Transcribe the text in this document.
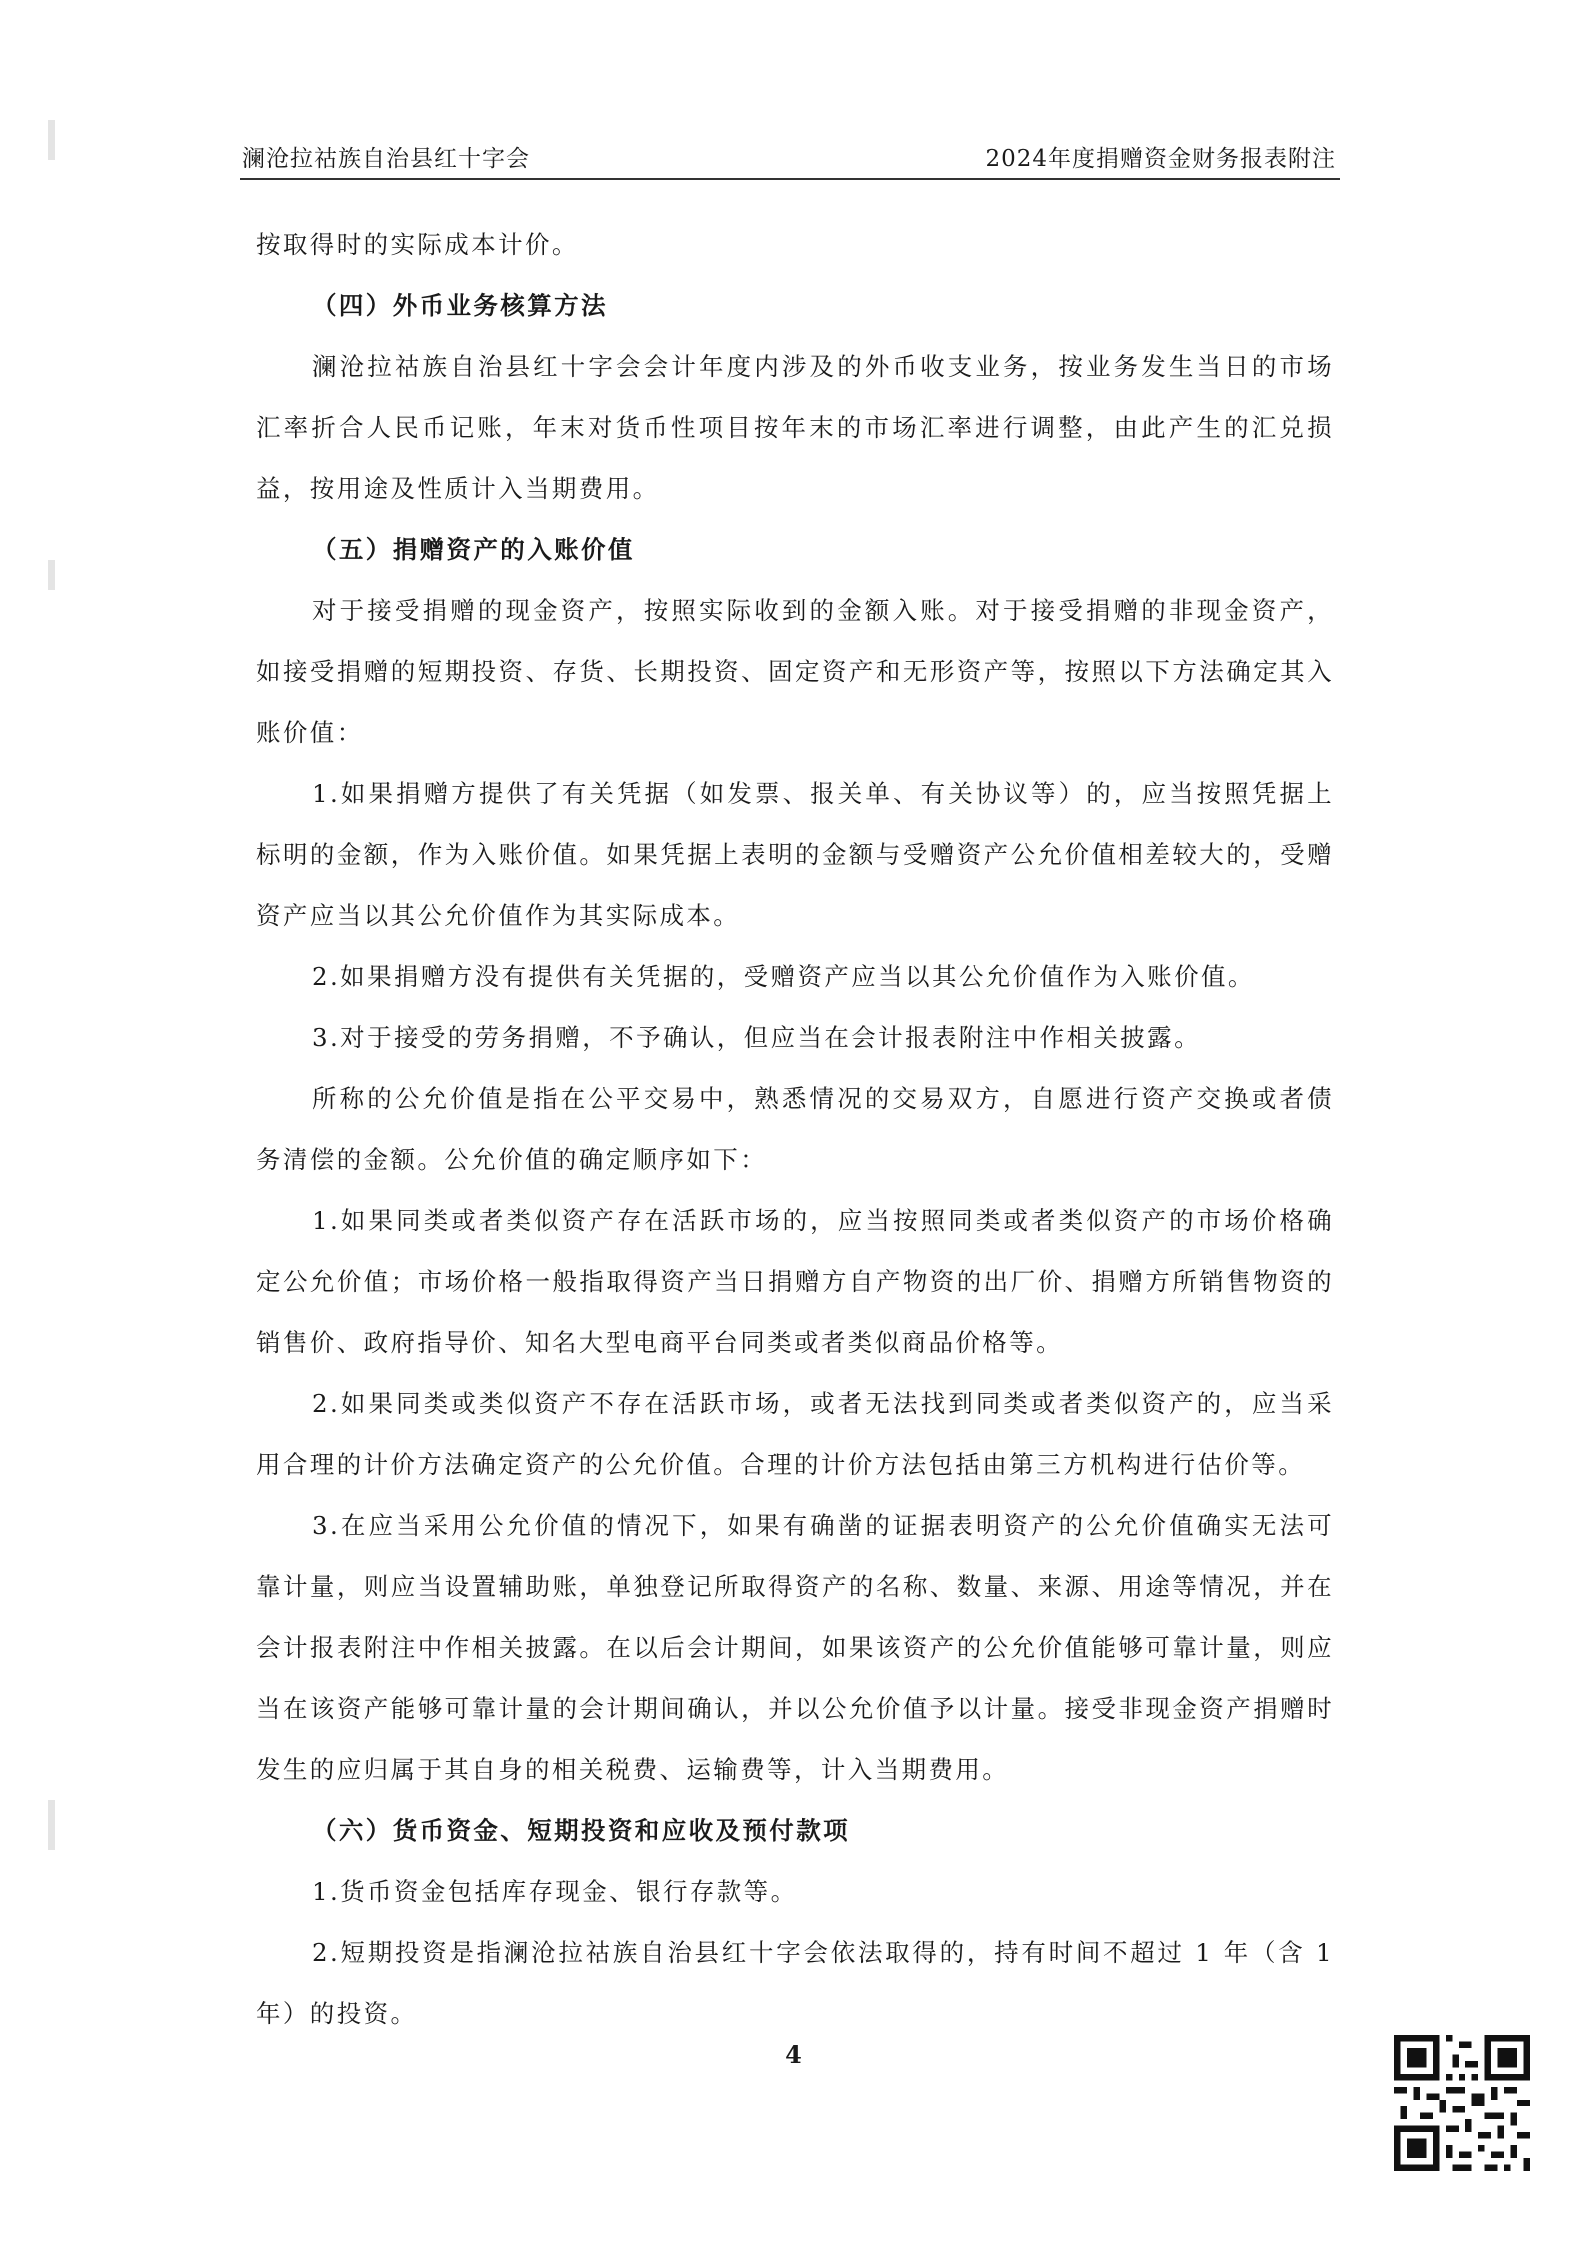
澜沧拉祜族自治县红十字会	2024年度捐赠资金财务报表附注

按取得时的实际成本计价。

（四）外币业务核算方法

澜沧拉祜族自治县红十字会会计年度内涉及的外币收支业务，按业务发生当日的市场汇率折合人民币记账，年末对货币性项目按年末的市场汇率进行调整，由此产生的汇兑损益，按用途及性质计入当期费用。

（五）捐赠资产的入账价值

对于接受捐赠的现金资产，按照实际收到的金额入账。对于接受捐赠的非现金资产，如接受捐赠的短期投资、存货、长期投资、固定资产和无形资产等，按照以下方法确定其入账价值：

1.如果捐赠方提供了有关凭据（如发票、报关单、有关协议等）的，应当按照凭据上标明的金额，作为入账价值。如果凭据上表明的金额与受赠资产公允价值相差较大的，受赠资产应当以其公允价值作为其实际成本。

2.如果捐赠方没有提供有关凭据的，受赠资产应当以其公允价值作为入账价值。

3.对于接受的劳务捐赠，不予确认，但应当在会计报表附注中作相关披露。

所称的公允价值是指在公平交易中，熟悉情况的交易双方，自愿进行资产交换或者债务清偿的金额。公允价值的确定顺序如下：

1.如果同类或者类似资产存在活跃市场的，应当按照同类或者类似资产的市场价格确定公允价值；市场价格一般指取得资产当日捐赠方自产物资的出厂价、捐赠方所销售物资的销售价、政府指导价、知名大型电商平台同类或者类似商品价格等。

2.如果同类或类似资产不存在活跃市场，或者无法找到同类或者类似资产的，应当采用合理的计价方法确定资产的公允价值。合理的计价方法包括由第三方机构进行估价等。

3.在应当采用公允价值的情况下，如果有确凿的证据表明资产的公允价值确实无法可靠计量，则应当设置辅助账，单独登记所取得资产的名称、数量、来源、用途等情况，并在会计报表附注中作相关披露。在以后会计期间，如果该资产的公允价值能够可靠计量，则应当在该资产能够可靠计量的会计期间确认，并以公允价值予以计量。接受非现金资产捐赠时发生的应归属于其自身的相关税费、运输费等，计入当期费用。

（六）货币资金、短期投资和应收及预付款项

1.货币资金包括库存现金、银行存款等。

2.短期投资是指澜沧拉祜族自治县红十字会依法取得的，持有时间不超过 1 年（含 1 年）的投资。

4
